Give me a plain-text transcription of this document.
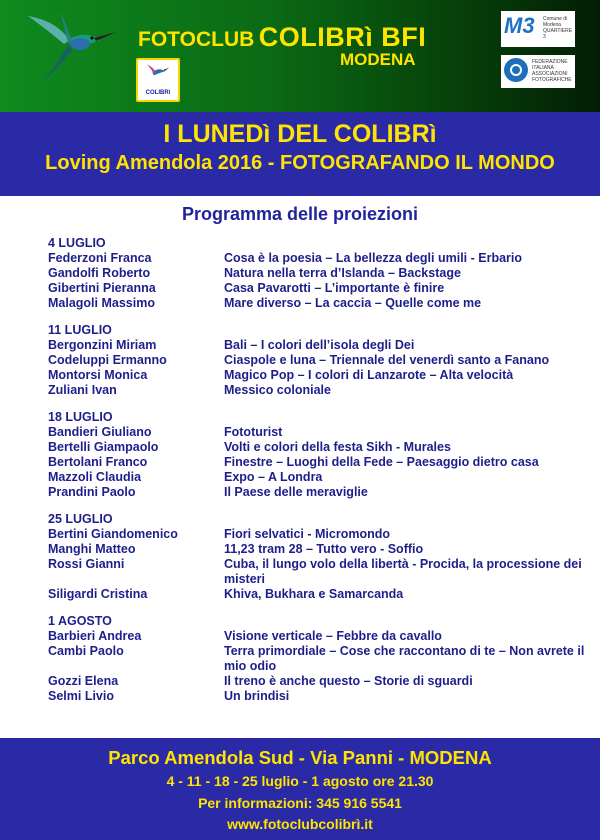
FOTOCLUB COLIBRì BFI
MODENA
COLIBRì
M3 Comune di Modena QUARTIERE 3
FEDERAZIONE ITALIANA ASSOCIAZIONI FOTOGRAFICHE
I LUNEDì DEL COLIBRì
Loving Amendola 2016 - FOTOGRAFANDO IL MONDO
Programma delle proiezioni
4 LUGLIO
Federzoni Franca	Cosa è la poesia – La bellezza degli umili - Erbario
Gandolfi Roberto	Natura nella terra d’Islanda – Backstage
Gibertini Pieranna	Casa Pavarotti – L’importante è finire
Malagoli Massimo	Mare diverso – La caccia – Quelle come me
11 LUGLIO
Bergonzini Miriam	Bali – I colori dell’isola degli Dei
Codeluppi Ermanno	Ciaspole e luna – Triennale del venerdì santo a Fanano
Montorsi Monica	Magico Pop – I colori di Lanzarote – Alta velocità
Zuliani Ivan	Messico coloniale
18 LUGLIO
Bandieri Giuliano	Fototurist
Bertelli Giampaolo	Volti e colori della festa Sikh - Murales
Bertolani Franco	Finestre – Luoghi della Fede – Paesaggio dietro casa
Mazzoli Claudia	Expo – A Londra
Prandini Paolo	Il Paese delle meraviglie
25 LUGLIO
Bertini Giandomenico	Fiori selvatici - Micromondo
Manghi Matteo	11,23 tram 28 – Tutto vero - Soffio
Rossi Gianni	Cuba, il lungo volo della libertà - Procida, la processione dei misteri
Siligardi Cristina	Khiva, Bukhara e Samarcanda
1 AGOSTO
Barbieri Andrea	Visione verticale – Febbre da cavallo
Cambi Paolo	Terra primordiale – Cose che raccontano di te – Non avrete il mio odio
Gozzi Elena	Il treno è anche questo – Storie di sguardi
Selmi Livio	Un brindisi
Parco Amendola Sud - Via Panni - MODENA
4 - 11 - 18 - 25 luglio - 1 agosto ore 21.30
Per informazioni: 345 916 5541
www.fotoclubcolibrì.it
